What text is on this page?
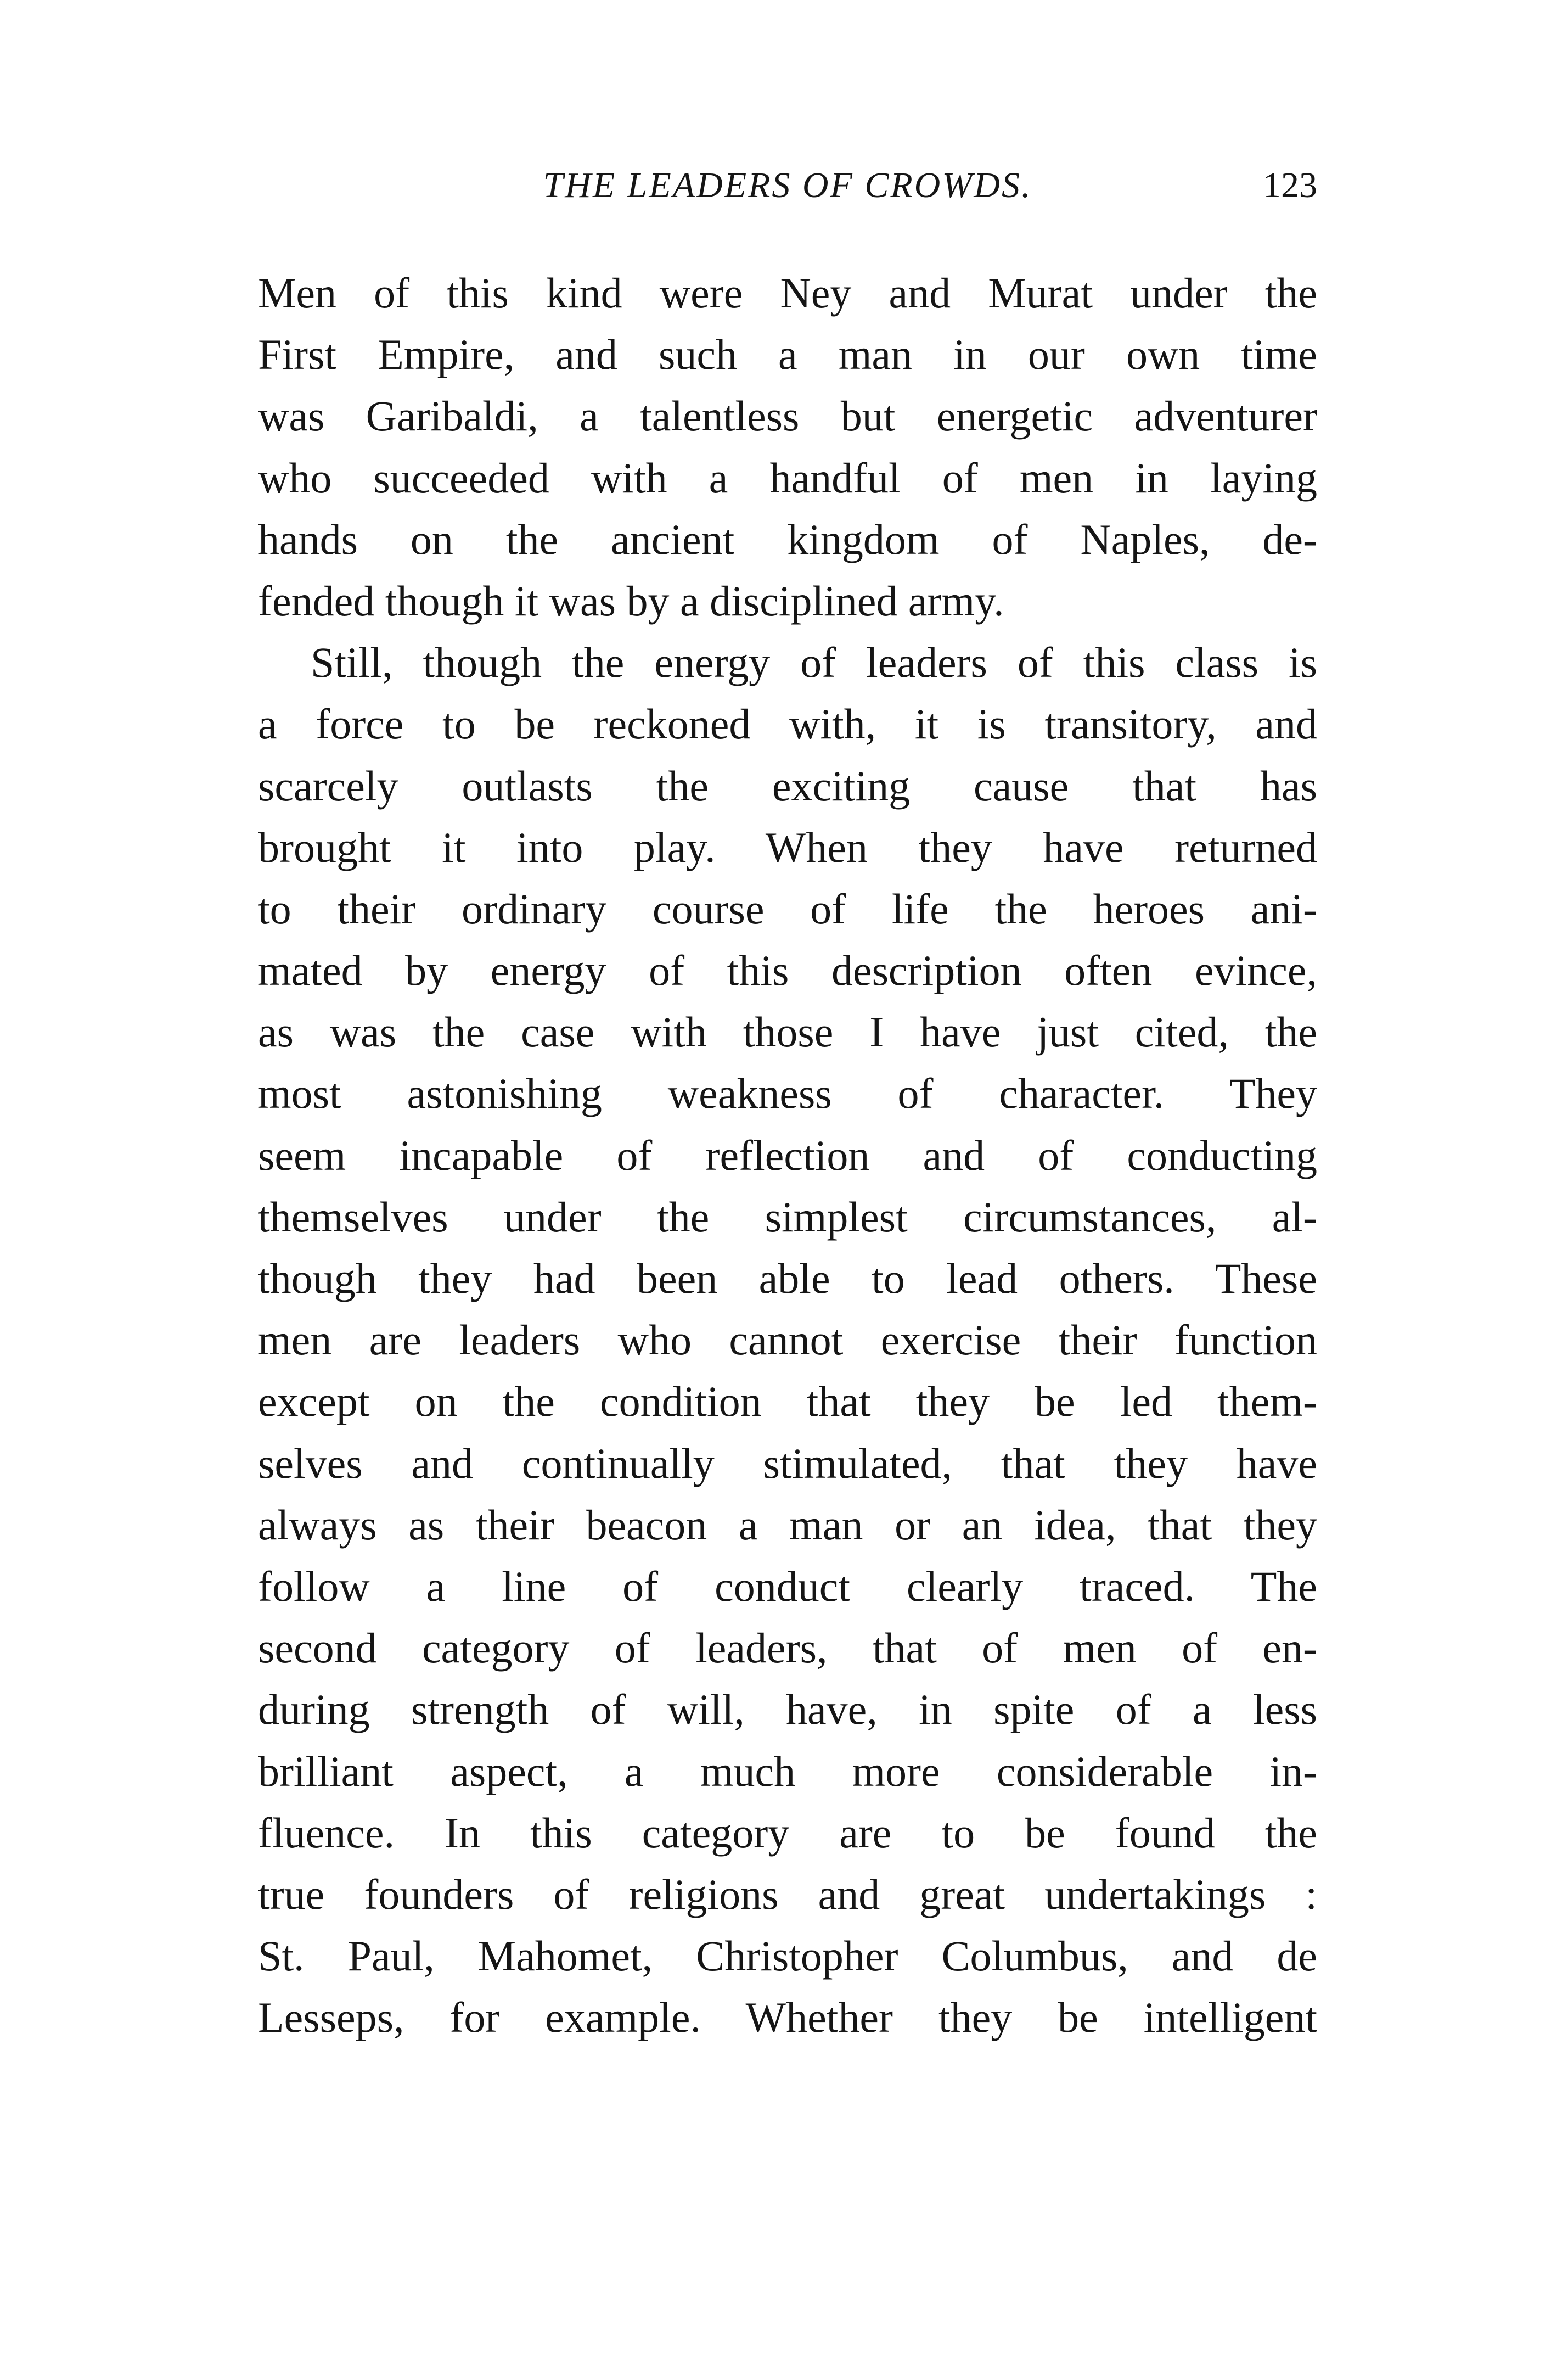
THE LEADERS OF CROWDS.	123
Men of this kind were Ney and Murat under the
First Empire, and such a man in our own time
was Garibaldi, a talentless but energetic adventurer
who succeeded with a handful of men in laying
hands on the ancient kingdom of Naples, de-
fended though it was by a disciplined army.
Still, though the energy of leaders of this class is
a force to be reckoned with, it is transitory, and
scarcely outlasts the exciting cause that has
brought it into play. When they have returned
to their ordinary course of life the heroes ani-
mated by energy of this description often evince,
as was the case with those I have just cited, the
most astonishing weakness of character. They
seem incapable of reflection and of conducting
themselves under the simplest circumstances, al-
though they had been able to lead others. These
men are leaders who cannot exercise their function
except on the condition that they be led them-
selves and continually stimulated, that they have
always as their beacon a man or an idea, that they
follow a line of conduct clearly traced. The
second category of leaders, that of men of en-
during strength of will, have, in spite of a less
brilliant aspect, a much more considerable in-
fluence. In this category are to be found the
true founders of religions and great undertakings :
St. Paul, Mahomet, Christopher Columbus, and de
Lesseps, for example. Whether they be intelligent
